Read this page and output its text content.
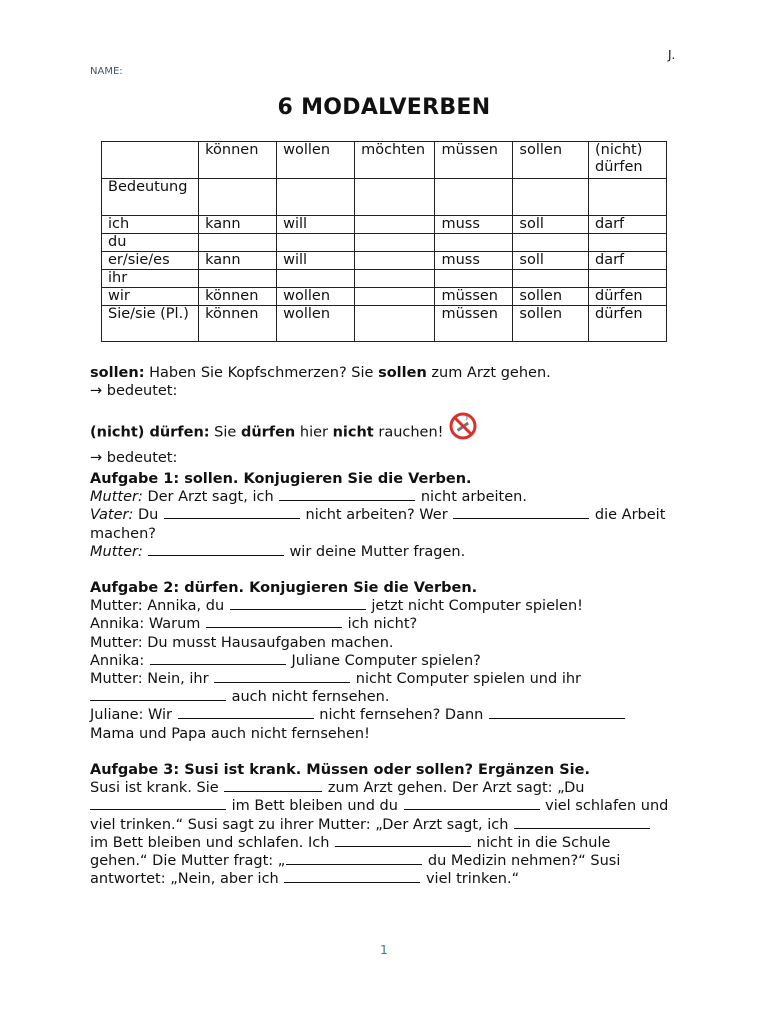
J.
NAME:
6 MODALVERBEN
	können	wollen	möchten	müssen	sollen	(nicht) dürfen
Bedeutung						
ich	kann	will		muss	soll	darf
du						
er/sie/es	kann	will		muss	soll	darf
ihr						
wir	können	wollen		müssen	sollen	dürfen
Sie/sie (Pl.)	können	wollen		müssen	sollen	dürfen
sollen: Haben Sie Kopfschmerzen? Sie sollen zum Arzt gehen.
→ bedeutet:
(nicht) dürfen: Sie dürfen hier nicht rauchen!
→ bedeutet:
Aufgabe 1: sollen. Konjugieren Sie die Verben.
Mutter: Der Arzt sagt, ich	nicht arbeiten.
Vater: Du	nicht arbeiten? Wer	die Arbeit
machen?
Mutter:	wir deine Mutter fragen.
Aufgabe 2: dürfen. Konjugieren Sie die Verben.
Mutter: Annika, du	jetzt nicht Computer spielen!
Annika: Warum	ich nicht?
Mutter: Du musst Hausaufgaben machen.
Annika:	Juliane Computer spielen?
Mutter: Nein, ihr	nicht Computer spielen und ihr
auch nicht fernsehen.
Juliane: Wir	nicht fernsehen? Dann
Mama und Papa auch nicht fernsehen!
Aufgabe 3: Susi ist krank. Müssen oder sollen? Ergänzen Sie.
Susi ist krank. Sie	zum Arzt gehen. Der Arzt sagt: „Du
im Bett bleiben und du	viel schlafen und
viel trinken.“ Susi sagt zu ihrer Mutter: „Der Arzt sagt, ich
im Bett bleiben und schlafen. Ich	nicht in die Schule
gehen.“ Die Mutter fragt: „	du Medizin nehmen?“ Susi
antwortet: „Nein, aber ich	viel trinken.“
1
